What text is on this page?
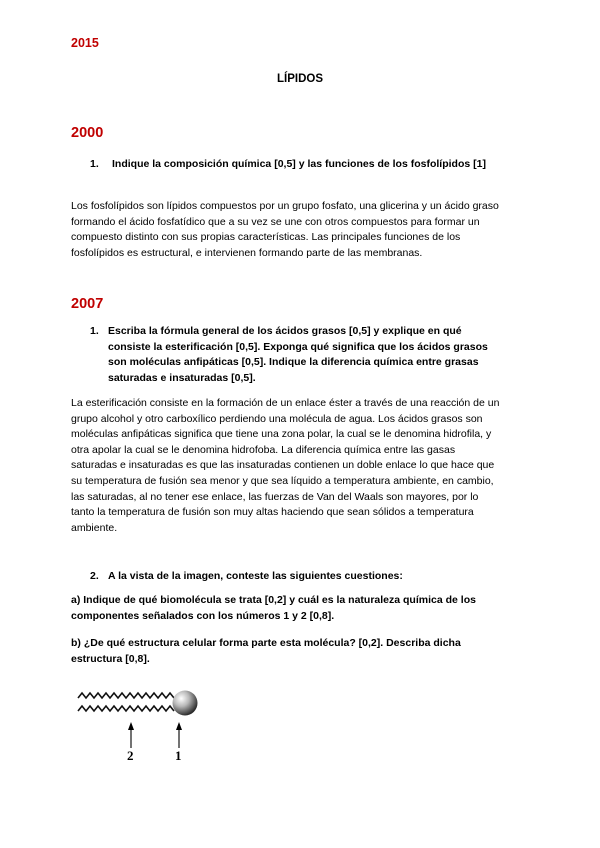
2015
LÍPIDOS
2000
1. Indique la composición química [0,5] y las funciones de los fosfolípidos [1]
Los fosfolípidos son lípidos compuestos por un grupo fosfato, una glicerina y un ácido graso
formando el ácido fosfatídico que a su vez se une con otros compuestos para formar un
compuesto distinto con sus propias características. Las principales funciones de los
fosfolípidos es estructural, e intervienen formando parte de las membranas.
2007
1. Escriba la fórmula general de los ácidos grasos [0,5] y explique en qué
consiste la esterificación [0,5]. Exponga qué significa que los ácidos grasos
son moléculas anfipáticas [0,5]. Indique la diferencia química entre grasas
saturadas e insaturadas [0,5].
La esterificación consiste en la formación de un enlace éster a través de una reacción de un
grupo alcohol y otro carboxílico perdiendo una molécula de agua. Los ácidos grasos son
moléculas anfipáticas significa que tiene una zona polar, la cual se le denomina hidrofila, y
otra apolar la cual se le denomina hidrofoba. La diferencia química entre las gasas
saturadas e insaturadas es que las insaturadas contienen un doble enlace lo que hace que
su temperatura de fusión sea menor y que sea líquido a temperatura ambiente, en cambio,
las saturadas, al no tener ese enlace, las fuerzas de Van del Waals son mayores, por lo
tanto la temperatura de fusión son muy altas haciendo que sean sólidos a temperatura
ambiente.
2. A la vista de la imagen, conteste las siguientes cuestiones:
a) Indique de qué biomolécula se trata [0,2] y cuál es la naturaleza química de los
componentes señalados con los números 1 y 2 [0,8].
b) ¿De qué estructura celular forma parte esta molécula? [0,2]. Describa dicha
estructura [0,8].
2	1
